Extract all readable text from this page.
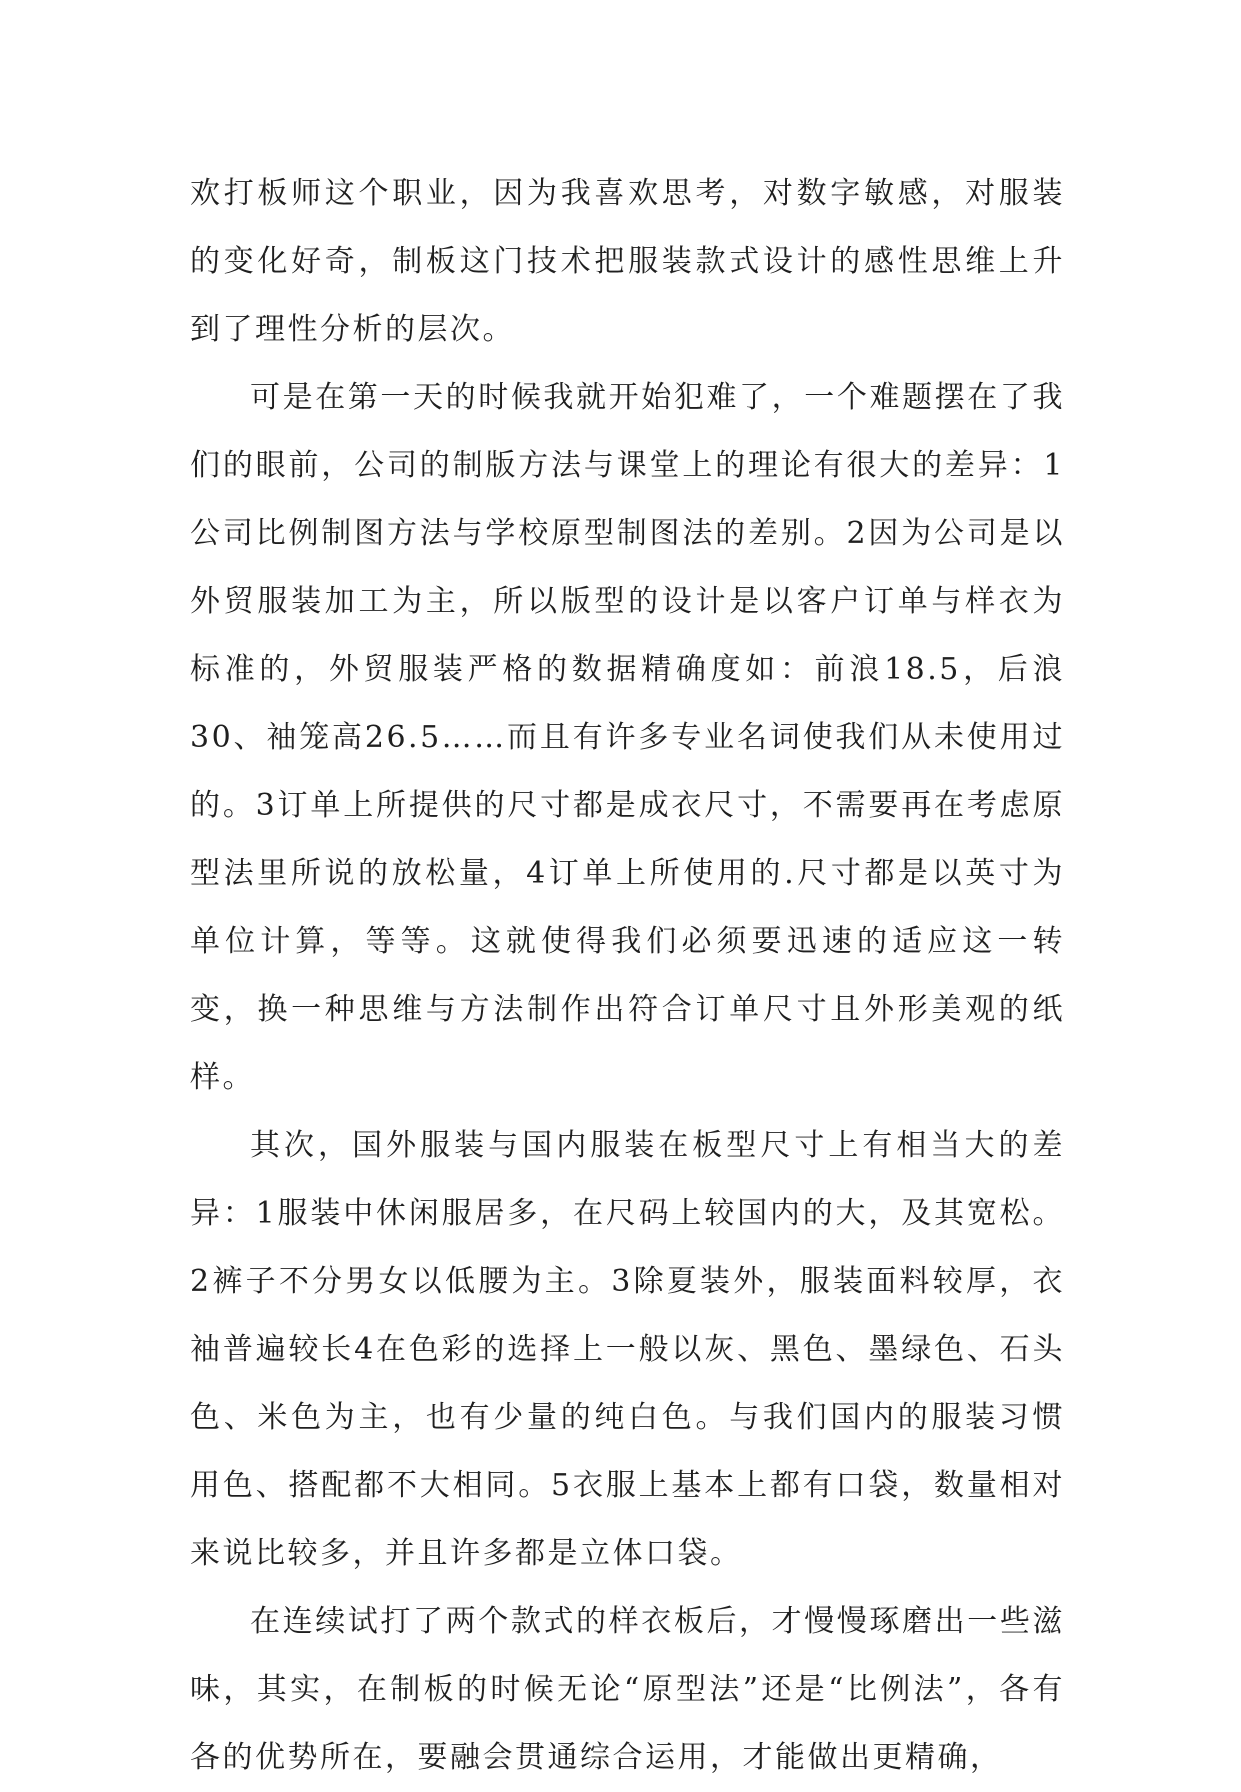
欢打板师这个职业，因为我喜欢思考，对数字敏感，对服装的变化好奇，制板这门技术把服装款式设计的感性思维上升到了理性分析的层次。

可是在第一天的时候我就开始犯难了，一个难题摆在了我们的眼前，公司的制版方法与课堂上的理论有很大的差异：1公司比例制图方法与学校原型制图法的差别。2因为公司是以外贸服装加工为主，所以版型的设计是以客户订单与样衣为标准的，外贸服装严格的数据精确度如：前浪18.5，后浪30、袖笼高26.5……而且有许多专业名词使我们从未使用过的。3订单上所提供的尺寸都是成衣尺寸，不需要再在考虑原型法里所说的放松量，4订单上所使用的.尺寸都是以英寸为单位计算，等等。这就使得我们必须要迅速的适应这一转变，换一种思维与方法制作出符合订单尺寸且外形美观的纸样。

其次，国外服装与国内服装在板型尺寸上有相当大的差异：1服装中休闲服居多，在尺码上较国内的大，及其宽松。2裤子不分男女以低腰为主。3除夏装外，服装面料较厚，衣袖普遍较长4在色彩的选择上一般以灰、黑色、墨绿色、石头色、米色为主，也有少量的纯白色。与我们国内的服装习惯用色、搭配都不大相同。5衣服上基本上都有口袋，数量相对来说比较多，并且许多都是立体口袋。

在连续试打了两个款式的样衣板后，才慢慢琢磨出一些滋味，其实，在制板的时候无论“原型法”还是“比例法”，各有各的优势所在，要融会贯通综合运用，才能做出更精确，
